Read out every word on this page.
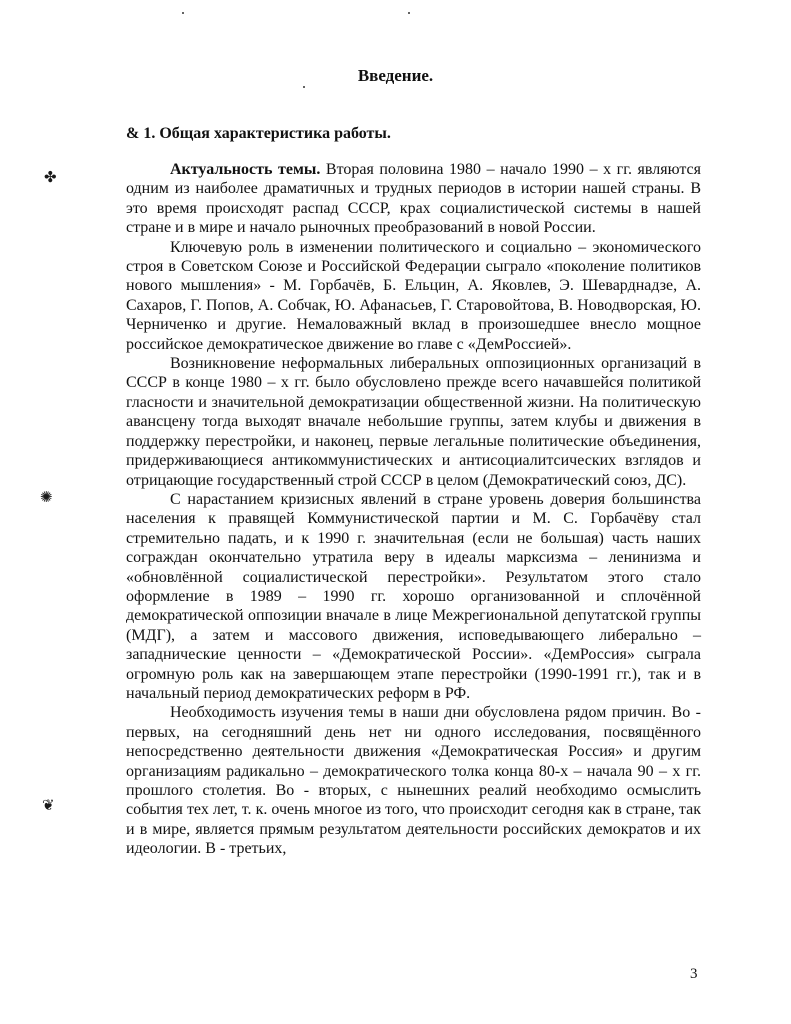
Введение.
& 1. Общая характеристика работы.
✤
✺
❦

Актуальность темы. Вторая половина 1980 – начало 1990 – х гг. являются одним из наиболее драматичных и трудных периодов в истории нашей страны. В это время происходят распад СССР, крах социалистической системы в нашей стране и в мире и начало рыночных преобразований в новой России.

Ключевую роль в изменении политического и социально – экономического строя в Советском Союзе и Российской Федерации сыграло «поколение политиков нового мышления» - М. Горбачёв, Б. Ельцин, А. Яковлев, Э. Шеварднадзе, А. Сахаров, Г. Попов, А. Собчак, Ю. Афанасьев, Г. Старовойтова, В. Новодворская, Ю. Черниченко и другие. Немаловажный вклад в произошедшее внесло мощное российское демократическое движение во главе с «ДемРоссией».

Возникновение неформальных либеральных оппозиционных организаций в СССР в конце 1980 – х гг. было обусловлено прежде всего начавшейся политикой гласности и значительной демократизации общественной жизни. На политическую авансцену тогда выходят вначале небольшие группы, затем клубы и движения в поддержку перестройки, и наконец, первые легальные политические объединения, придерживающиеся антикоммунистических и антисоциалитсических взглядов и отрицающие государственный строй СССР в целом (Демократический союз, ДС).

С нарастанием кризисных явлений в стране уровень доверия большинства населения к правящей Коммунистической партии и М. С. Горбачёву стал стремительно падать, и к 1990 г. значительная (если не большая) часть наших сограждан окончательно утратила веру в идеалы марксизма – ленинизма и «обновлённой социалистической перестройки». Результатом этого стало оформление в 1989 – 1990 гг. хорошо организованной и сплочённой демократической оппозиции вначале в лице Межрегиональной депутатской группы (МДГ), а затем и массового движения, исповедывающего либерально – западнические ценности – «Демократической России». «ДемРоссия» сыграла огромную роль как на завершающем этапе перестройки (1990-1991 гг.), так и в начальный период демократических реформ в РФ.

Необходимость изучения темы в наши дни обусловлена рядом причин. Во - первых, на сегодняшний день нет ни одного исследования, посвящённого непосредственно деятельности движения «Демократическая Россия» и другим организациям радикально – демократического толка конца 80-х – начала 90 – х гг. прошлого столетия. Во - вторых, с нынешних реалий необходимо осмыслить события тех лет, т. к. очень многое из того, что происходит сегодня как в стране, так и в мире, является прямым результатом деятельности российских демократов и их идеологии. В - третьих,

3
